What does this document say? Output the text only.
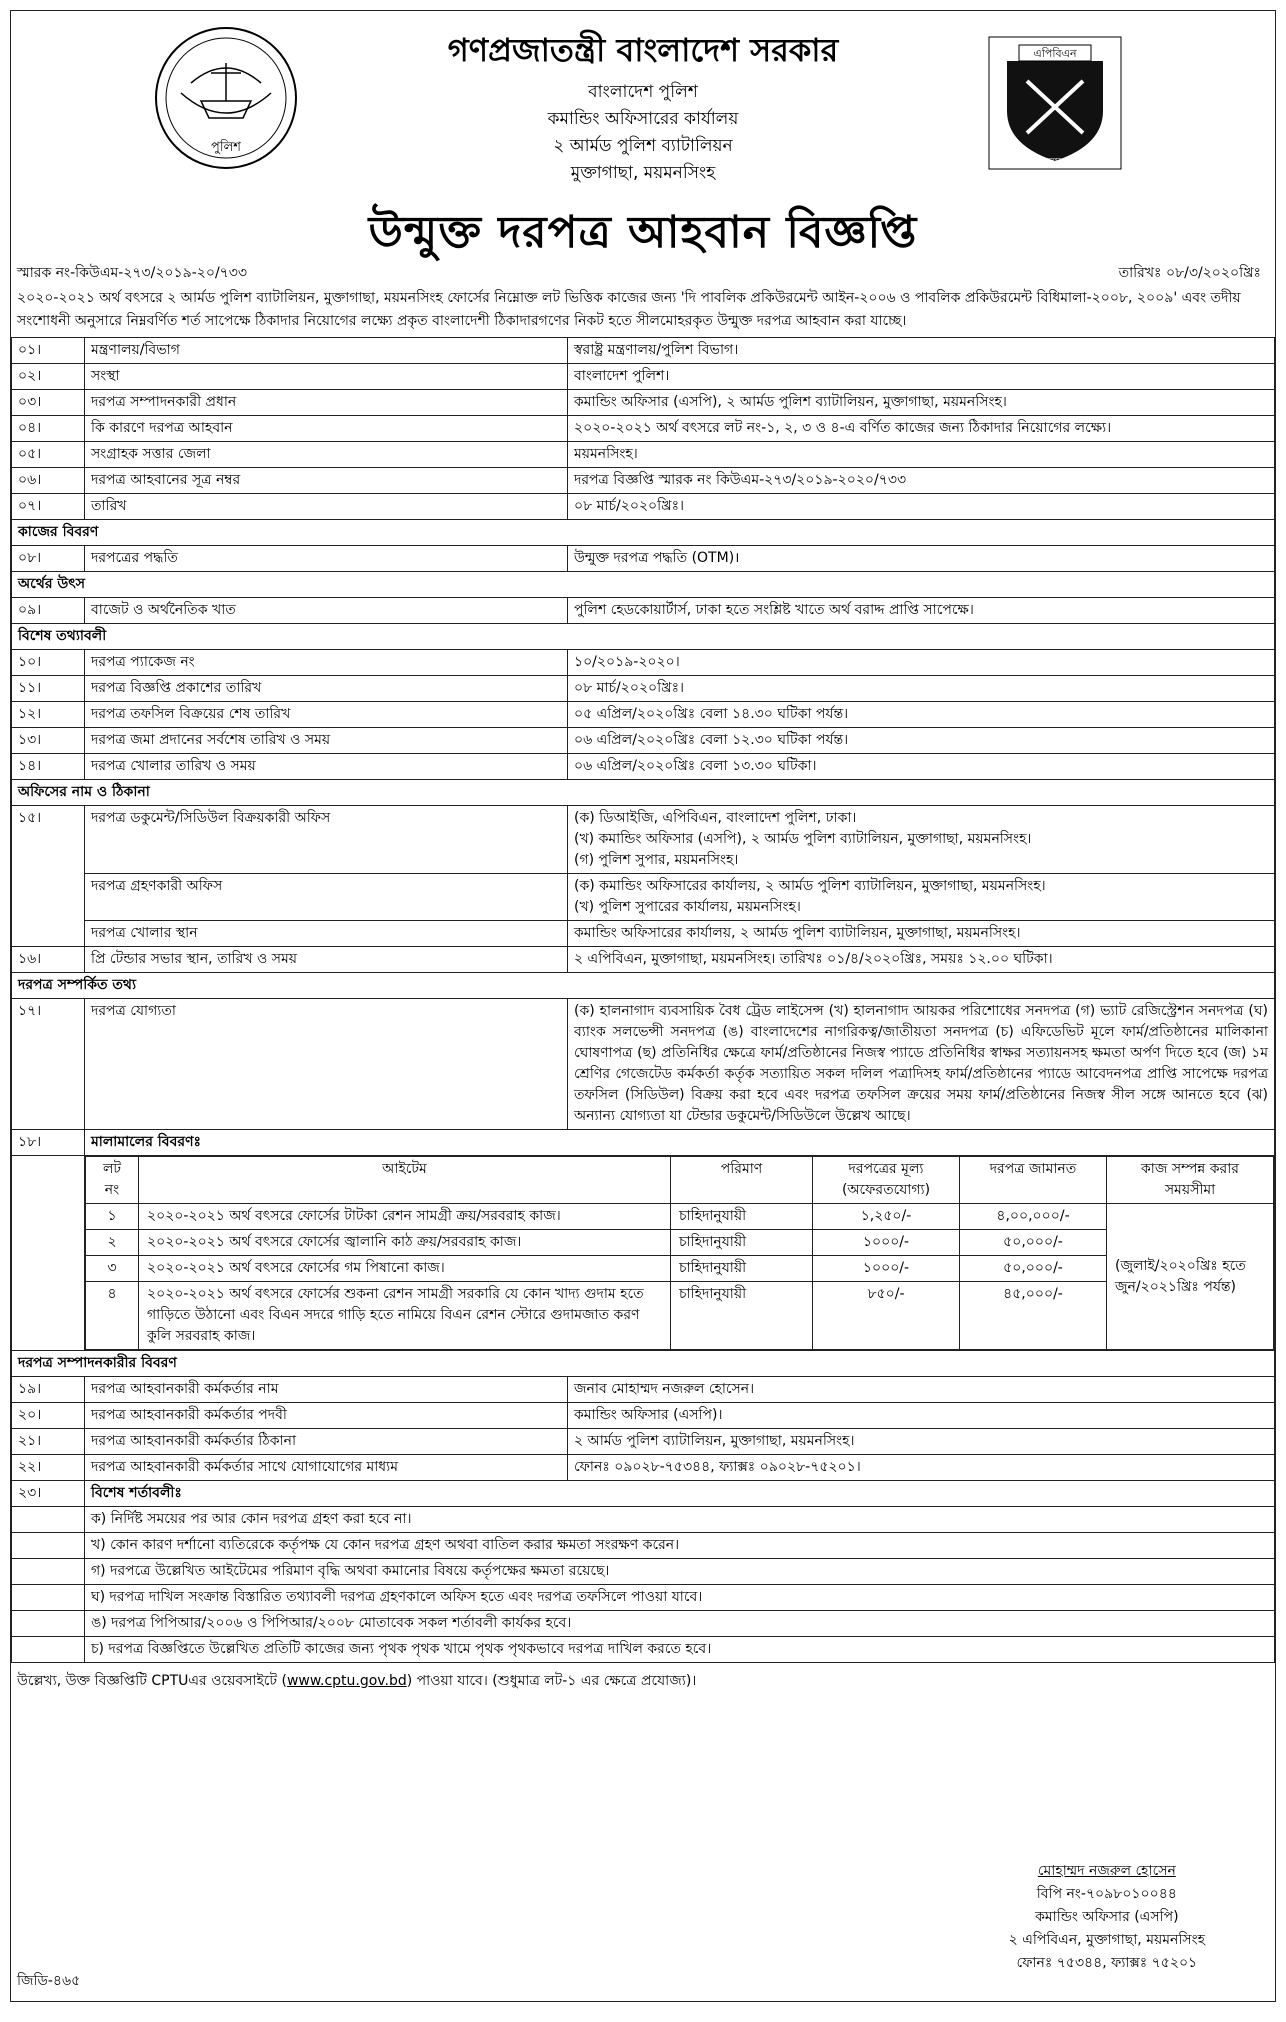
পুলিশ
গণপ্রজাতন্ত্রী বাংলাদেশ সরকার
বাংলাদেশ পুলিশ
কমান্ডিং অফিসারের কার্যালয়
২ আর্মড পুলিশ ব্যাটালিয়ন
মুক্তাগাছা, ময়মনসিংহ
উন্মুক্ত দরপত্র আহবান বিজ্ঞপ্তি
এপিবিএন
অপরাজেয়
স্মারক নং-কিউএম-২৭৩/২০১৯-২০/৭৩৩	তারিখঃ ০৮/৩/২০২০খ্রিঃ
২০২০-২০২১ অর্থ বৎসরে ২ আর্মড পুলিশ ব্যাটালিয়ন, মুক্তাগাছা, ময়মনসিংহ ফোর্সের নিম্নোক্ত লট ভিত্তিক কাজের জন্য 'দি পাবলিক প্রকিউরমেন্ট আইন-২০০৬ ও পাবলিক প্রকিউরমেন্ট বিধিমালা-২০০৮, ২০০৯' এবং তদীয় সংশোধনী অনুসারে নিম্নবর্ণিত শর্ত সাপেক্ষে ঠিকাদার নিয়োগের লক্ষ্যে প্রকৃত বাংলাদেশী ঠিকাদারগণের নিকট হতে সীলমোহরকৃত উন্মুক্ত দরপত্র আহবান করা যাচ্ছে।
০১।	মন্ত্রণালয়/বিভাগ	স্বরাষ্ট্র মন্ত্রণালয়/পুলিশ বিভাগ।
০২।	সংস্থা	বাংলাদেশ পুলিশ।
০৩।	দরপত্র সম্পাদনকারী প্রধান	কমান্ডিং অফিসার (এসপি), ২ আর্মড পুলিশ ব্যাটালিয়ন, মুক্তাগাছা, ময়মনসিংহ।
০৪।	কি কারণে দরপত্র আহবান	২০২০-২০২১ অর্থ বৎসরে লট নং-১, ২, ৩ ও ৪-এ বর্ণিত কাজের জন্য ঠিকাদার নিয়োগের লক্ষ্যে।
০৫।	সংগ্রাহক সত্তার জেলা	ময়মনসিংহ।
০৬।	দরপত্র আহবানের সূত্র নম্বর	দরপত্র বিজ্ঞপ্তি স্মারক নং কিউএম-২৭৩/২০১৯-২০২০/৭৩৩
০৭।	তারিখ	০৮ মার্চ/২০২০খ্রিঃ।
কাজের বিবরণ
০৮।	দরপত্রের পদ্ধতি	উন্মুক্ত দরপত্র পদ্ধতি (OTM)।
অর্থের উৎস
০৯।	বাজেট ও অর্থনৈতিক খাত	পুলিশ হেডকোয়ার্টার্স, ঢাকা হতে সংশ্লিষ্ট খাতে অর্থ বরাদ্দ প্রাপ্তি সাপেক্ষে।
বিশেষ তথ্যাবলী
১০।	দরপত্র প্যাকেজ নং	১০/২০১৯-২০২০।
১১।	দরপত্র বিজ্ঞপ্তি প্রকাশের তারিখ	০৮ মার্চ/২০২০খ্রিঃ।
১২।	দরপত্র তফসিল বিক্রয়ের শেষ তারিখ	০৫ এপ্রিল/২০২০খ্রিঃ বেলা ১৪.৩০ ঘটিকা পর্যন্ত।
১৩।	দরপত্র জমা প্রদানের সর্বশেষ তারিখ ও সময়	০৬ এপ্রিল/২০২০খ্রিঃ বেলা ১২.৩০ ঘটিকা পর্যন্ত।
১৪।	দরপত্র খোলার তারিখ ও সময়	০৬ এপ্রিল/২০২০খ্রিঃ বেলা ১৩.৩০ ঘটিকা।
অফিসের নাম ও ঠিকানা
১৫।	দরপত্র ডকুমেন্ট/সিডিউল বিক্রয়কারী অফিস	(ক) ডিআইজি, এপিবিএন, বাংলাদেশ পুলিশ, ঢাকা।
(খ) কমান্ডিং অফিসার (এসপি), ২ আর্মড পুলিশ ব্যাটালিয়ন, মুক্তাগাছা, ময়মনসিংহ।
(গ) পুলিশ সুপার, ময়মনসিংহ।

দরপত্র গ্রহণকারী অফিস	(ক) কমান্ডিং অফিসারের কার্যালয়, ২ আর্মড পুলিশ ব্যাটালিয়ন, মুক্তাগাছা, ময়মনসিংহ।
(খ) পুলিশ সুপারের কার্যালয়, ময়মনসিংহ।

দরপত্র খোলার স্থান	কমান্ডিং অফিসারের কার্যালয়, ২ আর্মড পুলিশ ব্যাটালিয়ন, মুক্তাগাছা, ময়মনসিংহ।
১৬।	প্রি টেন্ডার সভার স্থান, তারিখ ও সময়	২ এপিবিএন, মুক্তাগাছা, ময়মনসিংহ। তারিখঃ ০১/৪/২০২০খ্রিঃ, সময়ঃ ১২.০০ ঘটিকা।
দরপত্র সম্পর্কিত তথ্য
১৭।	দরপত্র যোগ্যতা	(ক) হালনাগাদ ব্যবসায়িক বৈধ ট্রেড লাইসেন্স (খ) হালনাগাদ আয়কর পরিশোধের সনদপত্র (গ) ভ্যাট রেজিস্ট্রেশন সনদপত্র (ঘ) ব্যাংক সলভেন্সী সনদপত্র (ঙ) বাংলাদেশের নাগরিকত্ব/জাতীয়তা সনদপত্র (চ) এফিডেভিট মূলে ফার্ম/প্রতিষ্ঠানের মালিকানা ঘোষণাপত্র (ছ) প্রতিনিধির ক্ষেত্রে ফার্ম/প্রতিষ্ঠানের নিজস্ব প্যাডে প্রতিনিধির স্বাক্ষর সত্যায়নসহ ক্ষমতা অর্পণ দিতে হবে (জ) ১ম শ্রেণির গেজেটেড কর্মকর্তা কর্তৃক সত্যায়িত সকল দলিল পত্রাদিসহ ফার্ম/প্রতিষ্ঠানের প্যাডে আবেদনপত্র প্রাপ্তি সাপেক্ষে দরপত্র তফসিল (সিডিউল) বিক্রয় করা হবে এবং দরপত্র তফসিল ক্রয়ের সময় ফার্ম/প্রতিষ্ঠানের নিজস্ব সীল সঙ্গে আনতে হবে (ঝ) অন্যান্য যোগ্যতা যা টেন্ডার ডকুমেন্ট/সিডিউলে উল্লেখ আছে।
১৮।	মালামালের বিবরণঃ

লট নং	আইটেম	পরিমাণ	দরপত্রের মূল্য (অফেরতযোগ্য)	দরপত্র জামানত	কাজ সম্পন্ন করার সময়সীমা
১	২০২০-২০২১ অর্থ বৎসরে ফোর্সের টাটকা রেশন সামগ্রী ক্রয়/সরবরাহ কাজ।	চাহিদানুযায়ী	১,২৫০/-	৪,০০,০০০/-	(জুলাই/২০২০খ্রিঃ হতে জুন/২০২১খ্রিঃ পর্যন্ত)
২	২০২০-২০২১ অর্থ বৎসরে ফোর্সের জ্বালানি কাঠ ক্রয়/সরবরাহ কাজ।	চাহিদানুযায়ী	১০০০/-	৫০,০০০/-
৩	২০২০-২০২১ অর্থ বৎসরে ফোর্সের গম পিষানো কাজ।	চাহিদানুযায়ী	১০০০/-	৫০,০০০/-
৪	২০২০-২০২১ অর্থ বৎসরে ফোর্সের শুকনা রেশন সামগ্রী সরকারি যে কোন খাদ্য গুদাম হতে গাড়িতে উঠানো এবং বিএন সদরে গাড়ি হতে নামিয়ে বিএন রেশন স্টোরে গুদামজাত করণ কুলি সরবরাহ কাজ।	চাহিদানুযায়ী	৮৫০/-	৪৫,০০০/-

দরপত্র সম্পাদনকারীর বিবরণ
১৯।	দরপত্র আহবানকারী কর্মকর্তার নাম	জনাব মোহাম্মদ নজরুল হোসেন।
২০।	দরপত্র আহবানকারী কর্মকর্তার পদবী	কমান্ডিং অফিসার (এসপি)।
২১।	দরপত্র আহবানকারী কর্মকর্তার ঠিকানা	২ আর্মড পুলিশ ব্যাটালিয়ন, মুক্তাগাছা, ময়মনসিংহ।
২২।	দরপত্র আহবানকারী কর্মকর্তার সাথে যোগাযোগের মাধ্যম	ফোনঃ ০৯০২৮-৭৫৩৪৪, ফ্যাক্সঃ ০৯০২৮-৭৫২০১।
২৩।	বিশেষ শর্তাবলীঃ
	ক) নির্দিষ্ট সময়ের পর আর কোন দরপত্র গ্রহণ করা হবে না।
	খ) কোন কারণ দর্শানো ব্যতিরেকে কর্তৃপক্ষ যে কোন দরপত্র গ্রহণ অথবা বাতিল করার ক্ষমতা সংরক্ষণ করেন।
	গ) দরপত্রে উল্লেখিত আইটেমের পরিমাণ বৃদ্ধি অথবা কমানোর বিষয়ে কর্তৃপক্ষের ক্ষমতা রয়েছে।
	ঘ) দরপত্র দাখিল সংক্রান্ত বিস্তারিত তথ্যাবলী দরপত্র গ্রহণকালে অফিস হতে এবং দরপত্র তফসিলে পাওয়া যাবে।
	ঙ) দরপত্র পিপিআর/২০০৬ ও পিপিআর/২০০৮ মোতাবেক সকল শর্তাবলী কার্যকর হবে।
	চ) দরপত্র বিজ্ঞপ্তিতে উল্লেখিত প্রতিটি কাজের জন্য পৃথক পৃথক খামে পৃথক পৃথকভাবে দরপত্র দাখিল করতে হবে।
উল্লেখ্য, উক্ত বিজ্ঞপ্তিটি CPTUএর ওয়েবসাইটে (www.cptu.gov.bd) পাওয়া যাবে। (শুধুমাত্র লট-১ এর ক্ষেত্রে প্রযোজ্য)।
মোহাম্মদ নজরুল হোসেন
বিপি নং-৭০৯৮০১০০৪৪
কমান্ডিং অফিসার (এসপি)
২ এপিবিএন, মুক্তাগাছা, ময়মনসিংহ
ফোনঃ ৭৫৩৪৪, ফ্যাক্সঃ ৭৫২০১
জিডি-৪৬৫
